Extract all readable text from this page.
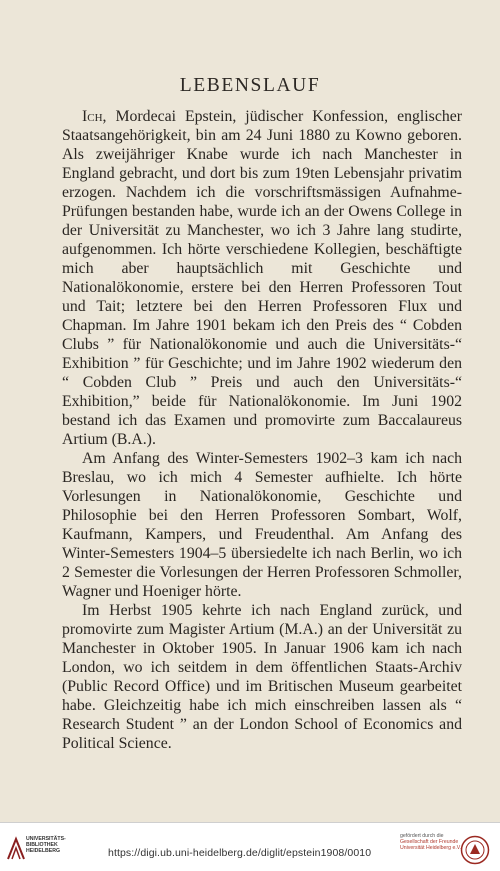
LEBENSLAUF

Ich, Mordecai Epstein, jüdischer Konfession, englischer Staatsangehörigkeit, bin am 24 Juni 1880 zu Kowno geboren. Als zweijähriger Knabe wurde ich nach Manchester in England gebracht, und dort bis zum 19ten Lebensjahr privatim erzogen. Nachdem ich die vorschriftsmässigen Aufnahme-Prüfungen bestanden habe, wurde ich an der Owens College in der Universität zu Manchester, wo ich 3 Jahre lang studirte, aufgenommen. Ich hörte verschiedene Kollegien, beschäftigte mich aber hauptsächlich mit Geschichte und Nationalökonomie, erstere bei den Herren Professoren Tout und Tait; letztere bei den Herren Professoren Flux und Chapman. Im Jahre 1901 bekam ich den Preis des “ Cobden Clubs ” für Nationalökonomie und auch die Universitäts-“ Exhibition ” für Geschichte; und im Jahre 1902 wiederum den “ Cobden Club ” Preis und auch den Universitäts-“ Exhibition,” beide für Nationalökonomie. Im Juni 1902 bestand ich das Examen und promovirte zum Baccalaureus Artium (B.A.).

Am Anfang des Winter-Semesters 1902–3 kam ich nach Breslau, wo ich mich 4 Semester aufhielte. Ich hörte Vorlesungen in Nationalökonomie, Geschichte und Philosophie bei den Herren Professoren Sombart, Wolf, Kaufmann, Kampers, und Freudenthal. Am Anfang des Winter-Semesters 1904–5 übersiedelte ich nach Berlin, wo ich 2 Semester die Vorlesungen der Herren Professoren Schmoller, Wagner und Hoeniger hörte.

Im Herbst 1905 kehrte ich nach England zurück, und promovirte zum Magister Artium (M.A.) an der Universität zu Manchester in Oktober 1905. In Januar 1906 kam ich nach London, wo ich seitdem in dem öffentlichen Staats-Archiv (Public Record Office) und im Britischen Museum gearbeitet habe. Gleichzeitig habe ich mich einschreiben lassen als “ Research Student ” an der London School of Economics and Political Science.

UNIVERSITÄTS-
BIBLIOTHEK
HEIDELBERG	https://digi.ub.uni-heidelberg.de/diglit/epstein1908/0010
gefördert durch die
Gesellschaft der Freunde
Universität Heidelberg e.V.
